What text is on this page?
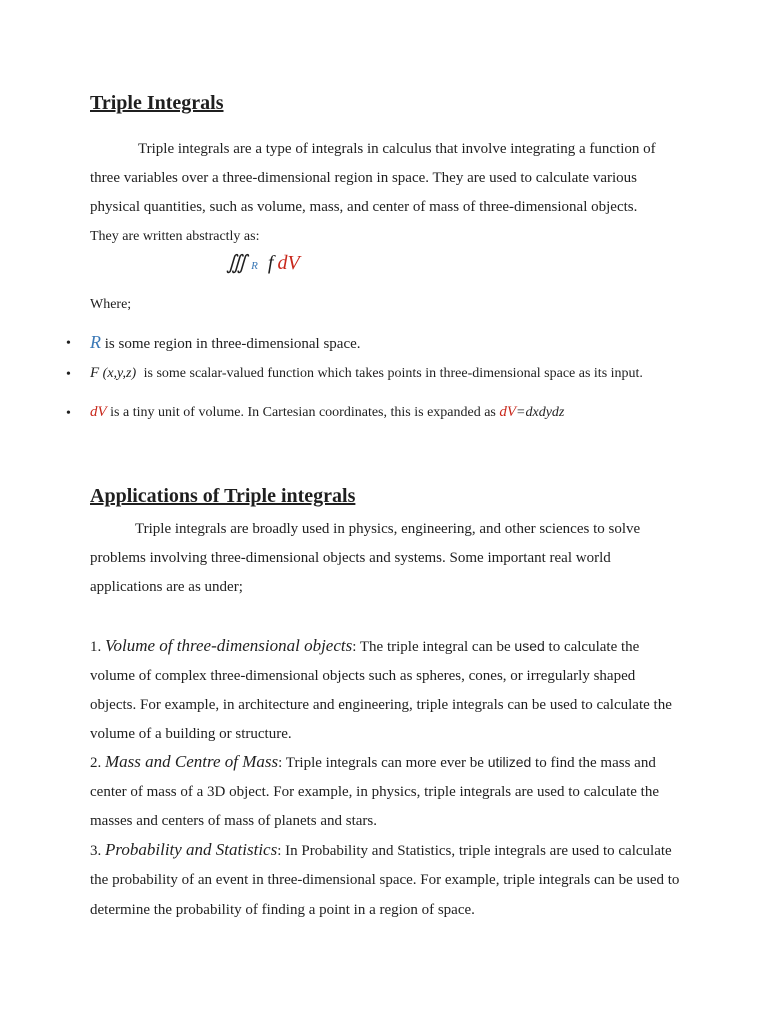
Triple Integrals
Triple integrals are a type of integrals in calculus that involve integrating a function of three variables over a three-dimensional region in space. They are used to calculate various physical quantities, such as volume, mass, and center of mass of three-dimensional objects.
They are written abstractly as:
∭ R f dV
Where;
• R is some region in three-dimensional space.
• F (x,y,z) is some scalar-valued function which takes points in three-dimensional space as its input.
• dV is a tiny unit of volume. In Cartesian coordinates, this is expanded as dV=dxdydz
Applications of Triple integrals
Triple integrals are broadly used in physics, engineering, and other sciences to solve problems involving three-dimensional objects and systems. Some important real world applications are as under;
1. Volume of three-dimensional objects: The triple integral can be used to calculate the volume of complex three-dimensional objects such as spheres, cones, or irregularly shaped objects. For example, in architecture and engineering, triple integrals can be used to calculate the volume of a building or structure.
2. Mass and Centre of Mass: Triple integrals can more ever be utilized to find the mass and center of mass of a 3D object. For example, in physics, triple integrals are used to calculate the masses and centers of mass of planets and stars.
3. Probability and Statistics: In Probability and Statistics, triple integrals are used to calculate the probability of an event in three-dimensional space. For example, triple integrals can be used to determine the probability of finding a point in a region of space.
